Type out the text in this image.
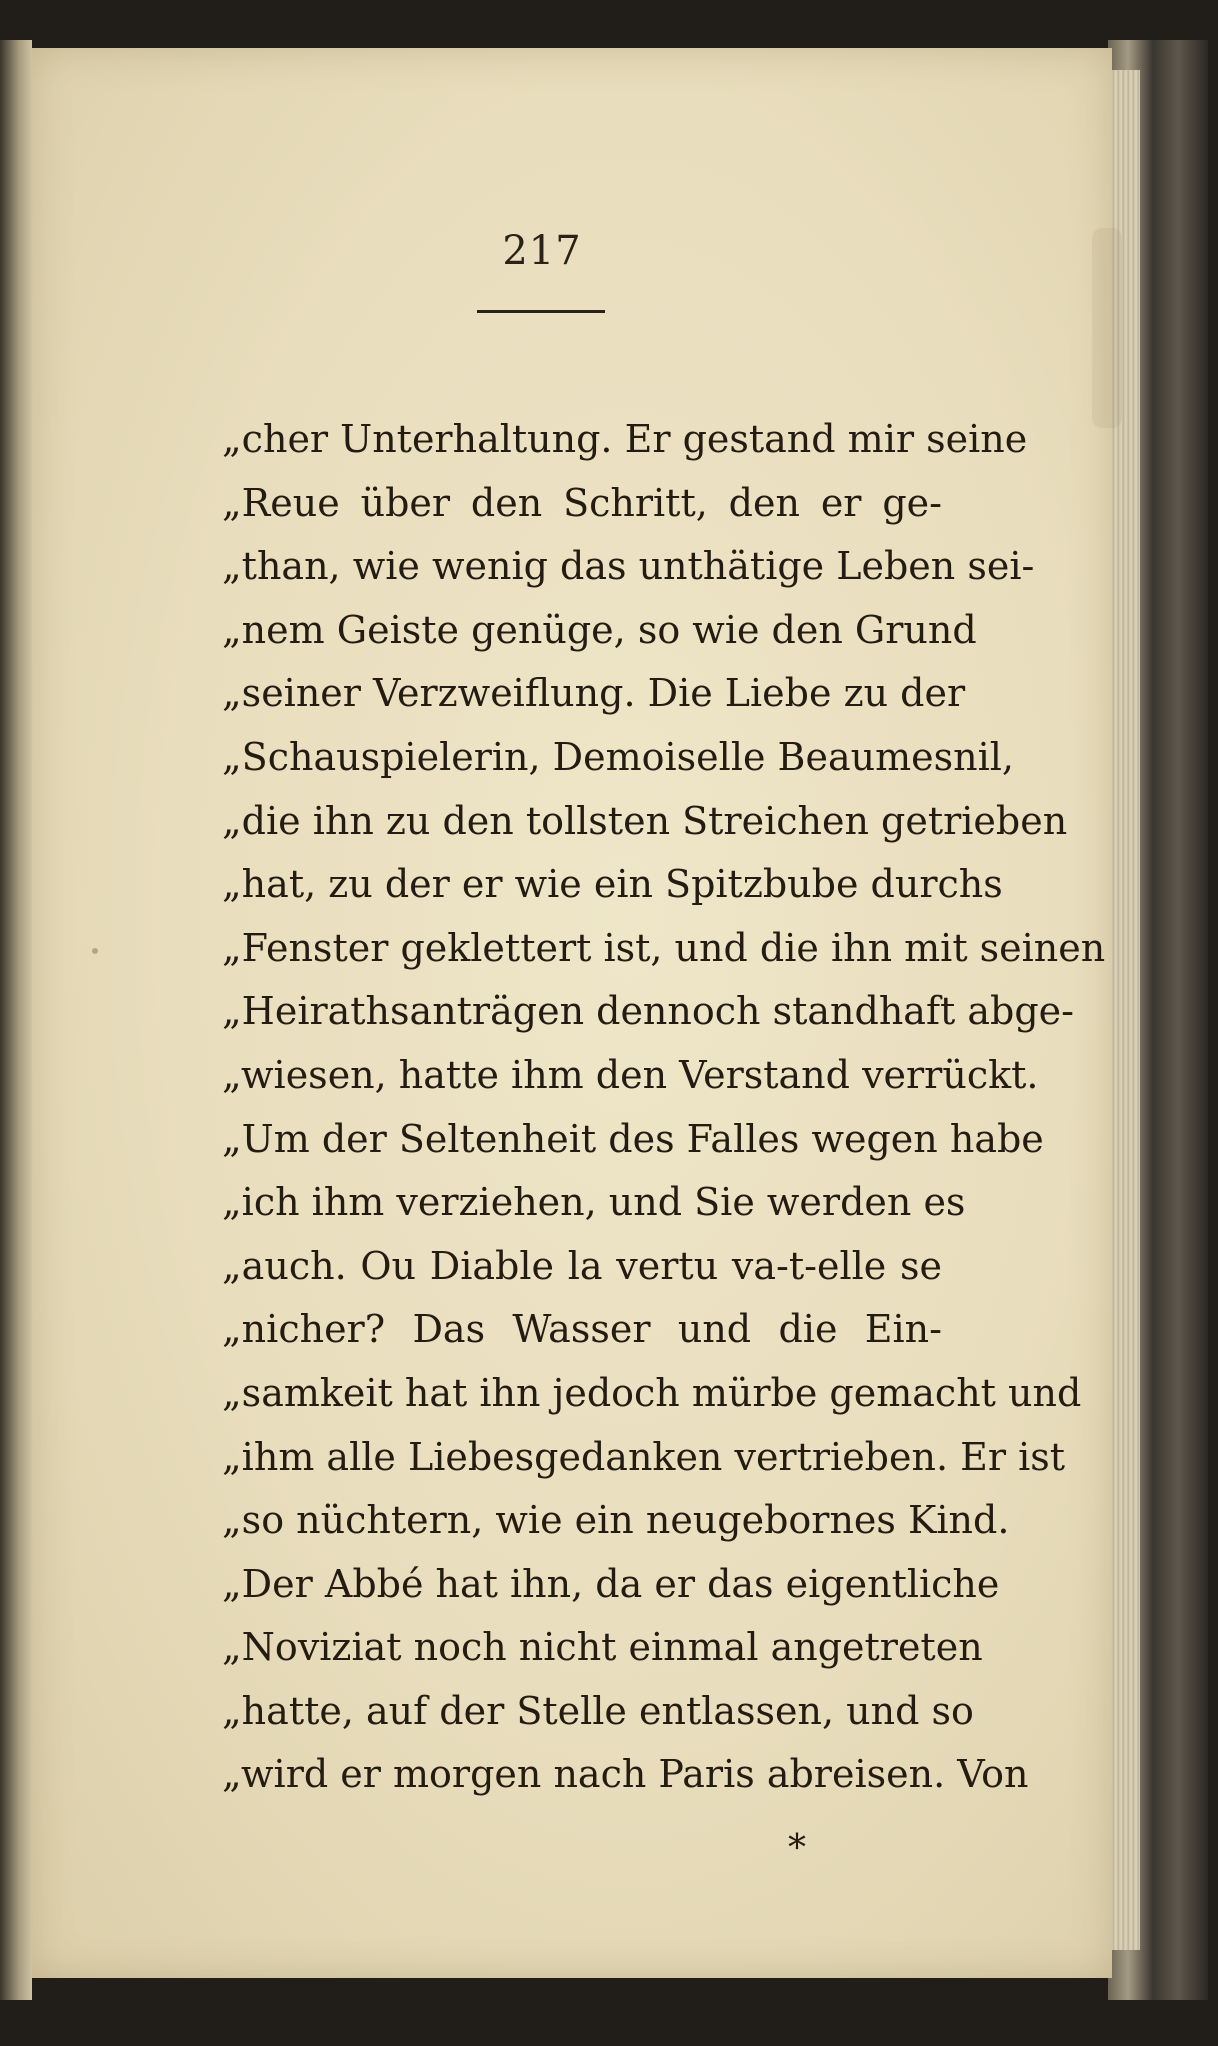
217
„cher Unterhaltung. Er gestand mir seine
„Reue über den Schritt, den er ge-
„than, wie wenig das unthätige Leben sei-
„nem Geiste genüge, so wie den Grund
„seiner Verzweiflung. Die Liebe zu der
„Schauspielerin, Demoiselle Beaumesnil,
„die ihn zu den tollsten Streichen getrieben
„hat, zu der er wie ein Spitzbube durchs
„Fenster geklettert ist, und die ihn mit seinen
„Heirathsanträgen dennoch standhaft abge-
„wiesen, hatte ihm den Verstand verrückt.
„Um der Seltenheit des Falles wegen habe
„ich ihm verziehen, und Sie werden es
„auch. Ou Diable la vertu va-t-elle se
„nicher? Das Wasser und die Ein-
„samkeit hat ihn jedoch mürbe gemacht und
„ihm alle Liebesgedanken vertrieben. Er ist
„so nüchtern, wie ein neugebornes Kind.
„Der Abbé hat ihn, da er das eigentliche
„Noviziat noch nicht einmal angetreten
„hatte, auf der Stelle entlassen, und so
„wird er morgen nach Paris abreisen. Von
*
